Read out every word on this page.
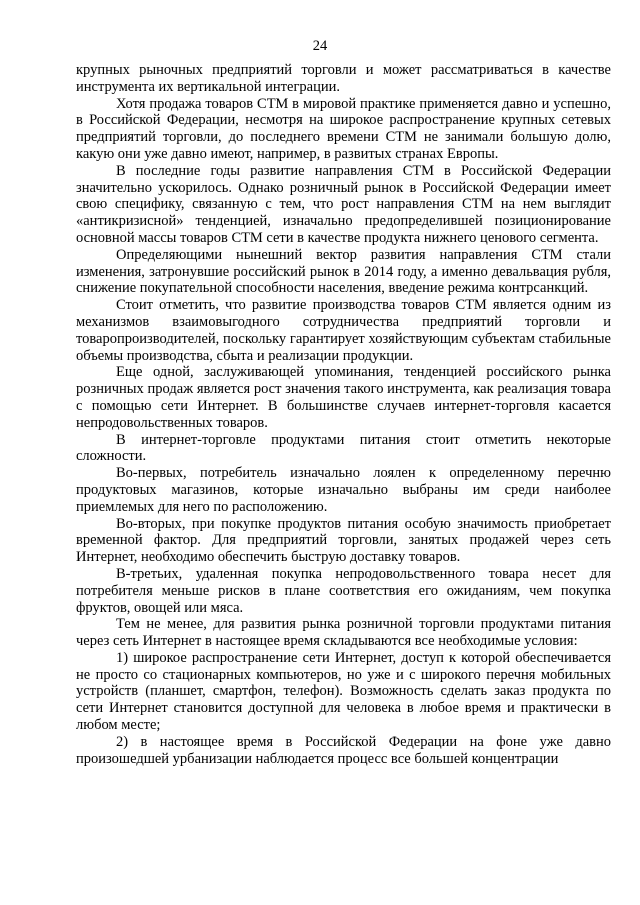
24

крупных рыночных предприятий торговли и может рассматриваться в качестве инструмента их вертикальной интеграции.

Хотя продажа товаров СТМ в мировой практике применяется давно и успешно, в Российской Федерации, несмотря на широкое распространение крупных сетевых предприятий торговли, до последнего времени СТМ не занимали большую долю, какую они уже давно имеют, например, в развитых странах Европы.

В последние годы развитие направления СТМ в Российской Федерации значительно ускорилось. Однако розничный рынок в Российской Федерации имеет свою специфику, связанную с тем, что рост направления СТМ на нем выглядит «антикризисной» тенденцией, изначально предопределившей позиционирование основной массы товаров СТМ сети в качестве продукта нижнего ценового сегмента.

Определяющими нынешний вектор развития направления СТМ стали изменения, затронувшие российский рынок в 2014 году, а именно девальвация рубля, снижение покупательной способности населения, введение режима контрсанкций.

Стоит отметить, что развитие производства товаров СТМ является одним из механизмов взаимовыгодного сотрудничества предприятий торговли и товаропроизводителей, поскольку гарантирует хозяйствующим субъектам стабильные объемы производства, сбыта и реализации продукции.

Еще одной, заслуживающей упоминания, тенденцией российского рынка розничных продаж является рост значения такого инструмента, как реализация товара с помощью сети Интернет. В большинстве случаев интернет-торговля касается непродовольственных товаров.

В интернет-торговле продуктами питания стоит отметить некоторые сложности.

Во-первых, потребитель изначально лоялен к определенному перечню продуктовых магазинов, которые изначально выбраны им среди наиболее приемлемых для него по расположению.

Во-вторых, при покупке продуктов питания особую значимость приобретает временной фактор. Для предприятий торговли, занятых продажей через сеть Интернет, необходимо обеспечить быструю доставку товаров.

В-третьих, удаленная покупка непродовольственного товара несет для потребителя меньше рисков в плане соответствия его ожиданиям, чем покупка фруктов, овощей или мяса.

Тем не менее, для развития рынка розничной торговли продуктами питания через сеть Интернет в настоящее время складываются все необходимые условия:

1) широкое распространение сети Интернет, доступ к которой обеспечивается не просто со стационарных компьютеров, но уже и с широкого перечня мобильных устройств (планшет, смартфон, телефон). Возможность сделать заказ продукта по сети Интернет становится доступной для человека в любое время и практически в любом месте;

2) в настоящее время в Российской Федерации на фоне уже давно произошедшей урбанизации наблюдается процесс все большей концентрации
